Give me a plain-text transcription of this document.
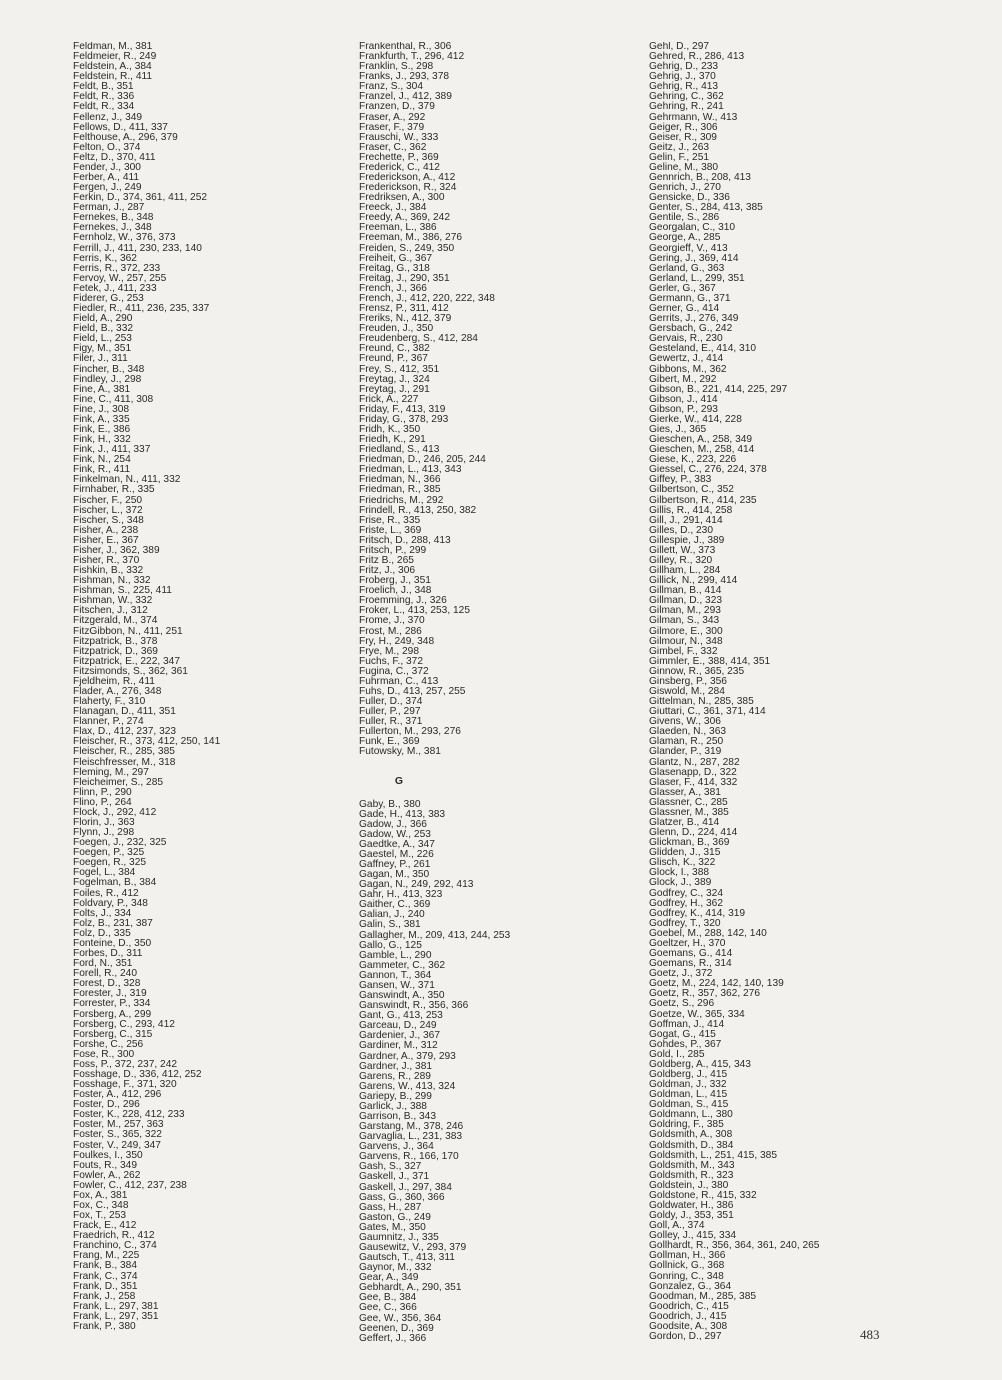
Feldman, M., 381
Feldmeier, R., 249
Feldstein, A., 384
Feldstein, R., 411
Feldt, B., 351
Feldt, R., 336
Feldt, R., 334
Fellenz, J., 349
Fellows, D., 411, 337
Felthouse, A., 296, 379
Felton, O., 374
Feltz, D., 370, 411
Fender, J., 300
Ferber, A., 411
Fergen, J., 249
Ferkin, D., 374, 361, 411, 252
Ferman, J., 287
Fernekes, B., 348
Fernekes, J., 348
Fernholz, W., 376, 373
Ferrill, J., 411, 230, 233, 140
Ferris, K., 362
Ferris, R., 372, 233
Fervoy, W., 257, 255
Fetek, J., 411, 233
Fiderer, G., 253
Fiedler, R., 411, 236, 235, 337
Field, A., 290
Field, B., 332
Field, L., 253
Figy, M., 351
Filer, J., 311
Fincher, B., 348
Findley, J., 298
Fine, A., 381
Fine, C., 411, 308
Fine, J., 308
Fink, A., 335
Fink, E., 386
Fink, H., 332
Fink, J., 411, 337
Fink, N., 254
Fink, R., 411
Finkelman, N., 411, 332
Firnhaber, R., 335
Fischer, F., 250
Fischer, L., 372
Fischer, S., 348
Fisher, A., 238
Fisher, E., 367
Fisher, J., 362, 389
Fisher, R., 370
Fishkin, B., 332
Fishman, N., 332
Fishman, S., 225, 411
Fishman, W., 332
Fitschen, J., 312
Fitzgerald, M., 374
FitzGibbon, N., 411, 251
Fitzpatrick, B., 378
Fitzpatrick, D., 369
Fitzpatrick, E., 222, 347
Fitzsimonds, S., 362, 361
Fjeldheim, R., 411
Flader, A., 276, 348
Flaherty, F., 310
Flanagan, D., 411, 351
Flanner, P., 274
Flax, D., 412, 237, 323
Fleischer, R., 373, 412, 250, 141
Fleischer, R., 285, 385
Fleischfresser, M., 318
Fleming, M., 297
Fleicheimer, S., 285
Flinn, P., 290
Flino, P., 264
Flock, J., 292, 412
Florin, J., 363
Flynn, J., 298
Foegen, J., 232, 325
Foegen, P., 325
Foegen, R., 325
Fogel, L., 384
Fogelman, B., 384
Foiles, R., 412
Foldvary, P., 348
Folts, J., 334
Folz, B., 231, 387
Folz, D., 335
Fonteine, D., 350
Forbes, D., 311
Ford, N., 351
Forell, R., 240
Forest, D., 328
Forester, J., 319
Forrester, P., 334
Forsberg, A., 299
Forsberg, C., 293, 412
Forsberg, C., 315
Forshe, C., 256
Fose, R., 300
Foss, P., 372, 237, 242
Fosshage, D., 336, 412, 252
Fosshage, F., 371, 320
Foster, A., 412, 296
Foster, D., 296
Foster, K., 228, 412, 233
Foster, M., 257, 363
Foster, S., 365, 322
Foster, V., 249, 347
Foulkes, I., 350
Fouts, R., 349
Fowler, A., 262
Fowler, C., 412, 237, 238
Fox, A., 381
Fox, C., 348
Fox, T., 253
Frack, E., 412
Fraedrich, R., 412
Franchino, C., 374
Frang, M., 225
Frank, B., 384
Frank, C., 374
Frank, D., 351
Frank, J., 258
Frank, L., 297, 381
Frank, L., 297, 351
Frank, P., 380
Frankenthal, R., 306
Frankfurth, T., 296, 412
Franklin, S., 298
Franks, J., 293, 378
Franz, S., 304
Franzel, J., 412, 389
Franzen, D., 379
Fraser, A., 292
Fraser, F., 379
Frauschi, W., 333
Fraser, C., 362
Frechette, P., 369
Frederick, C., 412
Frederickson, A., 412
Frederickson, R., 324
Fredriksen, A., 300
Freeck, J., 384
Freedy, A., 369, 242
Freeman, L., 386
Freeman, M., 386, 276
Freiden, S., 249, 350
Freiheit, G., 367
Freitag, G., 318
Freitag, J., 290, 351
French, J., 366
French, J., 412, 220, 222, 348
Frensz, P., 311, 412
Freriks, N., 412, 379
Freuden, J., 350
Freudenberg, S., 412, 284
Freund, C., 382
Freund, P., 367
Frey, S., 412, 351
Freytag, J., 324
Freytag, J., 291
Frick, A., 227
Friday, F., 413, 319
Friday, G., 378, 293
Fridh, K., 350
Friedh, K., 291
Friedland, S., 413
Friedman, D., 246, 205, 244
Friedman, L., 413, 343
Friedman, N., 366
Friedman, R., 385
Friedrichs, M., 292
Frindell, R., 413, 250, 382
Frise, R., 335
Friste, L., 369
Fritsch, D., 288, 413
Fritsch, P., 299
Fritz B., 265
Fritz, J., 306
Froberg, J., 351
Froelich, J., 348
Froemming, J., 326
Froker, L., 413, 253, 125
Frome, J., 370
Frost, M., 286
Fry, H., 249, 348
Frye, M., 298
Fuchs, F., 372
Fugina, C., 372
Fuhrman, C., 413
Fuhs, D., 413, 257, 255
Fuller, D., 374
Fuller, P., 297
Fuller, R., 371
Fullerton, M., 293, 276
Funk, E., 369
Futowsky, M., 381
G
Gaby, B., 380
Gade, H., 413, 383
Gadow, J., 366
Gadow, W., 253
Gaedtke, A., 347
Gaestel, M., 226
Gaffney, P., 261
Gagan, M., 350
Gagan, N., 249, 292, 413
Gahr, H., 413, 323
Gaither, C., 369
Galian, J., 240
Galin, S., 381
Gallagher, M., 209, 413, 244, 253
Gallo, G., 125
Gamble, L., 290
Gammeter, C., 362
Gannon, T., 364
Gansen, W., 371
Ganswindt, A., 350
Ganswindt, R., 356, 366
Gant, G., 413, 253
Garceau, D., 249
Gardenier, J., 367
Gardiner, M., 312
Gardner, A., 379, 293
Gardner, J., 381
Garens, R., 289
Garens, W., 413, 324
Gariepy, B., 299
Garlick, J., 388
Garrison, B., 343
Garstang, M., 378, 246
Garvaglia, L., 231, 383
Garvens, J., 364
Garvens, R., 166, 170
Gash, S., 327
Gaskell, J., 371
Gaskell, J., 297, 384
Gass, G., 360, 366
Gass, H., 287
Gaston, G., 249
Gates, M., 350
Gaumnitz, J., 335
Gausewitz, V., 293, 379
Gautsch, T., 413, 311
Gaynor, M., 332
Gear, A., 349
Gebhardt, A., 290, 351
Gee, B., 384
Gee, C., 366
Gee, W., 356, 364
Geenen, D., 369
Geffert, J., 366
Gehl, D., 297
Gehred, R., 286, 413
Gehrig, D., 233
Gehrig, J., 370
Gehrig, R., 413
Gehring, C., 362
Gehring, R., 241
Gehrmann, W., 413
Geiger, R., 306
Geiser, R., 309
Geitz, J., 263
Gelin, F., 251
Geline, M., 380
Gennrich, B., 208, 413
Genrich, J., 270
Gensicke, D., 336
Genter, S., 284, 413, 385
Gentile, S., 286
Georgalan, C., 310
George, A., 285
Georgieff, V., 413
Gering, J., 369, 414
Gerland, G., 363
Gerland, L., 299, 351
Gerler, G., 367
Germann, G., 371
Gerner, G., 414
Gerrits, J., 276, 349
Gersbach, G., 242
Gervais, R., 230
Gesteland, E., 414, 310
Gewertz, J., 414
Gibbons, M., 362
Gibert, M., 292
Gibson, B., 221, 414, 225, 297
Gibson, J., 414
Gibson, P., 293
Gierke, W., 414, 228
Gies, J., 365
Gieschen, A., 258, 349
Gieschen, M., 258, 414
Giese, K., 223, 226
Giessel, C., 276, 224, 378
Giffey, P., 383
Gilbertson, C., 352
Gilbertson, R., 414, 235
Gillis, R., 414, 258
Gill, J., 291, 414
Gilles, D., 230
Gillespie, J., 389
Gillett, W., 373
Gilley, R., 320
Gillham, L., 284
Gillick, N., 299, 414
Gillman, B., 414
Gillman, D., 323
Gilman, M., 293
Gilman, S., 343
Gilmore, E., 300
Gilmour, N., 348
Gimbel, F., 332
Gimmler, E., 388, 414, 351
Ginnow, R., 365, 235
Ginsberg, P., 356
Giswold, M., 284
Gittelman, N., 285, 385
Giuttari, C., 361, 371, 414
Givens, W., 306
Glaeden, N., 363
Glaman, R., 250
Glander, P., 319
Glantz, N., 287, 282
Glasenapp, D., 322
Glaser, F., 414, 332
Glasser, A., 381
Glassner, C., 285
Glassner, M., 385
Glatzer, B., 414
Glenn, D., 224, 414
Glickman, B., 369
Glidden, J., 315
Glisch, K., 322
Glock, I., 388
Glock, J., 389
Godfrey, C., 324
Godfrey, H., 362
Godfrey, K., 414, 319
Godfrey, T., 320
Goebel, M., 288, 142, 140
Goeltzer, H., 370
Goemans, G., 414
Goemans, R., 314
Goetz, J., 372
Goetz, M., 224, 142, 140, 139
Goetz, R., 357, 362, 276
Goetz, S., 296
Goetze, W., 365, 334
Goffman, J., 414
Gogat, G., 415
Gohdes, P., 367
Gold, I., 285
Goldberg, A., 415, 343
Goldberg, J., 415
Goldman, J., 332
Goldman, L., 415
Goldman, S., 415
Goldmann, L., 380
Goldring, F., 385
Goldsmith, A., 308
Goldsmith, D., 384
Goldsmith, L., 251, 415, 385
Goldsmith, M., 343
Goldsmith, R., 323
Goldstein, J., 380
Goldstone, R., 415, 332
Goldwater, H., 386
Goldy, J., 353, 351
Goll, A., 374
Golley, J., 415, 334
Gollhardt, R., 356, 364, 361, 240, 265
Gollman, H., 366
Gollnick, G., 368
Gonring, C., 348
Gonzalez, G., 364
Goodman, M., 285, 385
Goodrich, C., 415
Goodrich, J., 415
Goodsite, A., 308
Gordon, D., 297	483
